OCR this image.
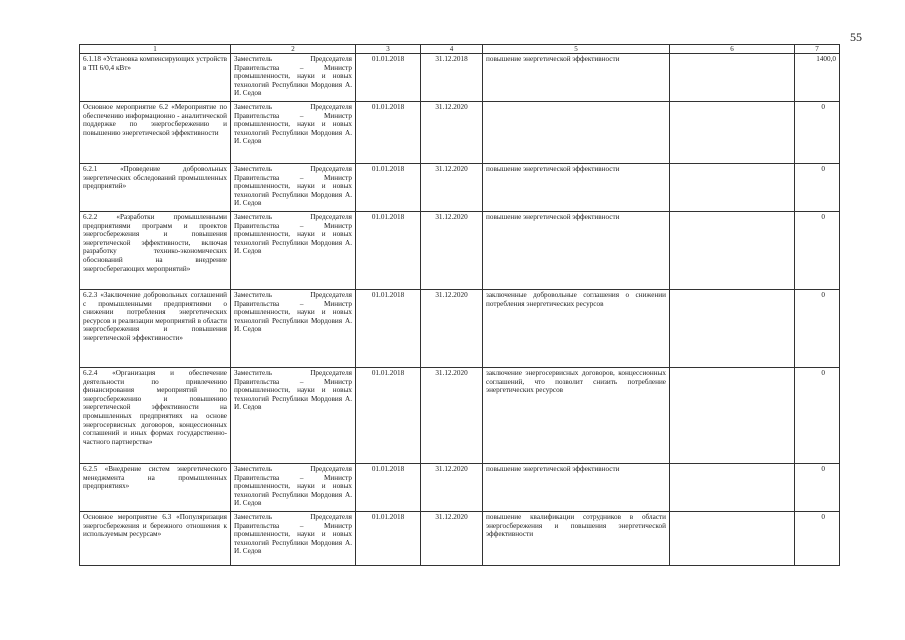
55
1	2	3	4	5	6	7
6.1.18 «Установка компенсирующих устройств в ТП 6/0,4 кВт»	Заместитель Председателя Правительства – Министр промышленности, науки и новых технологий Республики Мордовия А. И. Седов	01.01.2018	31.12.2018	повышение энергетической эффективности		1400,0
Основное мероприятие 6.2 «Мероприятие по обеспечению информационно - аналитической поддержке по энергосбережению и повышению энергетической эффективности	Заместитель Председателя Правительства – Министр промышленности, науки и новых технологий Республики Мордовия А. И. Седов	01.01.2018	31.12.2020			0
6.2.1 «Проведение добровольных энергетических обследований промышленных предприятий»	Заместитель Председателя Правительства – Министр промышленности, науки и новых технологий Республики Мордовия А. И. Седов	01.01.2018	31.12.2020	повышение энергетической эффективности		0
6.2.2 «Разработки промышленными предприятиями программ и проектов энергосбережения и повышения энергетической эффективности, включая разработку технико-экономических обоснований на внедрение энергосберегающих мероприятий»	Заместитель Председателя Правительства – Министр промышленности, науки и новых технологий Республики Мордовия А. И. Седов	01.01.2018	31.12.2020	повышение энергетической эффективности		0
6.2.3 «Заключение добровольных соглашений с промышленными предприятиями о снижении потребления энергетических ресурсов и реализации мероприятий в области энергосбережения и повышения энергетической эффективности»	Заместитель Председателя Правительства – Министр промышленности, науки и новых технологий Республики Мордовия А. И. Седов	01.01.2018	31.12.2020	заключенные добровольные соглашения о снижении потребления энергетических ресурсов		0
6.2.4 «Организация и обеспечение деятельности по привлечению финансирования мероприятий по энергосбережению и повышению энергетической эффективности на промышленных предприятиях на основе энергосервисных договоров, концессионных соглашений и иных формах государственно-частного партнерства»	Заместитель Председателя Правительства – Министр промышленности, науки и новых технологий Республики Мордовия А. И. Седов	01.01.2018	31.12.2020	заключение энергосервисных договоров, концессионных соглашений, что позволит снизить потребление энергетических ресурсов		0
6.2.5 «Внедрение систем энергетического менеджмента на промышленных предприятиях»	Заместитель Председателя Правительства – Министр промышленности, науки и новых технологий Республики Мордовия А. И. Седов	01.01.2018	31.12.2020	повышение энергетической эффективности		0
Основное мероприятие 6.3 «Популяризация энергосбережения и бережного отношения к используемым ресурсам»	Заместитель Председателя Правительства – Министр промышленности, науки и новых технологий Республики Мордовия А. И. Седов	01.01.2018	31.12.2020	повышение квалификации сотрудников в области энергосбережения и повышения энергетической эффективности		0
